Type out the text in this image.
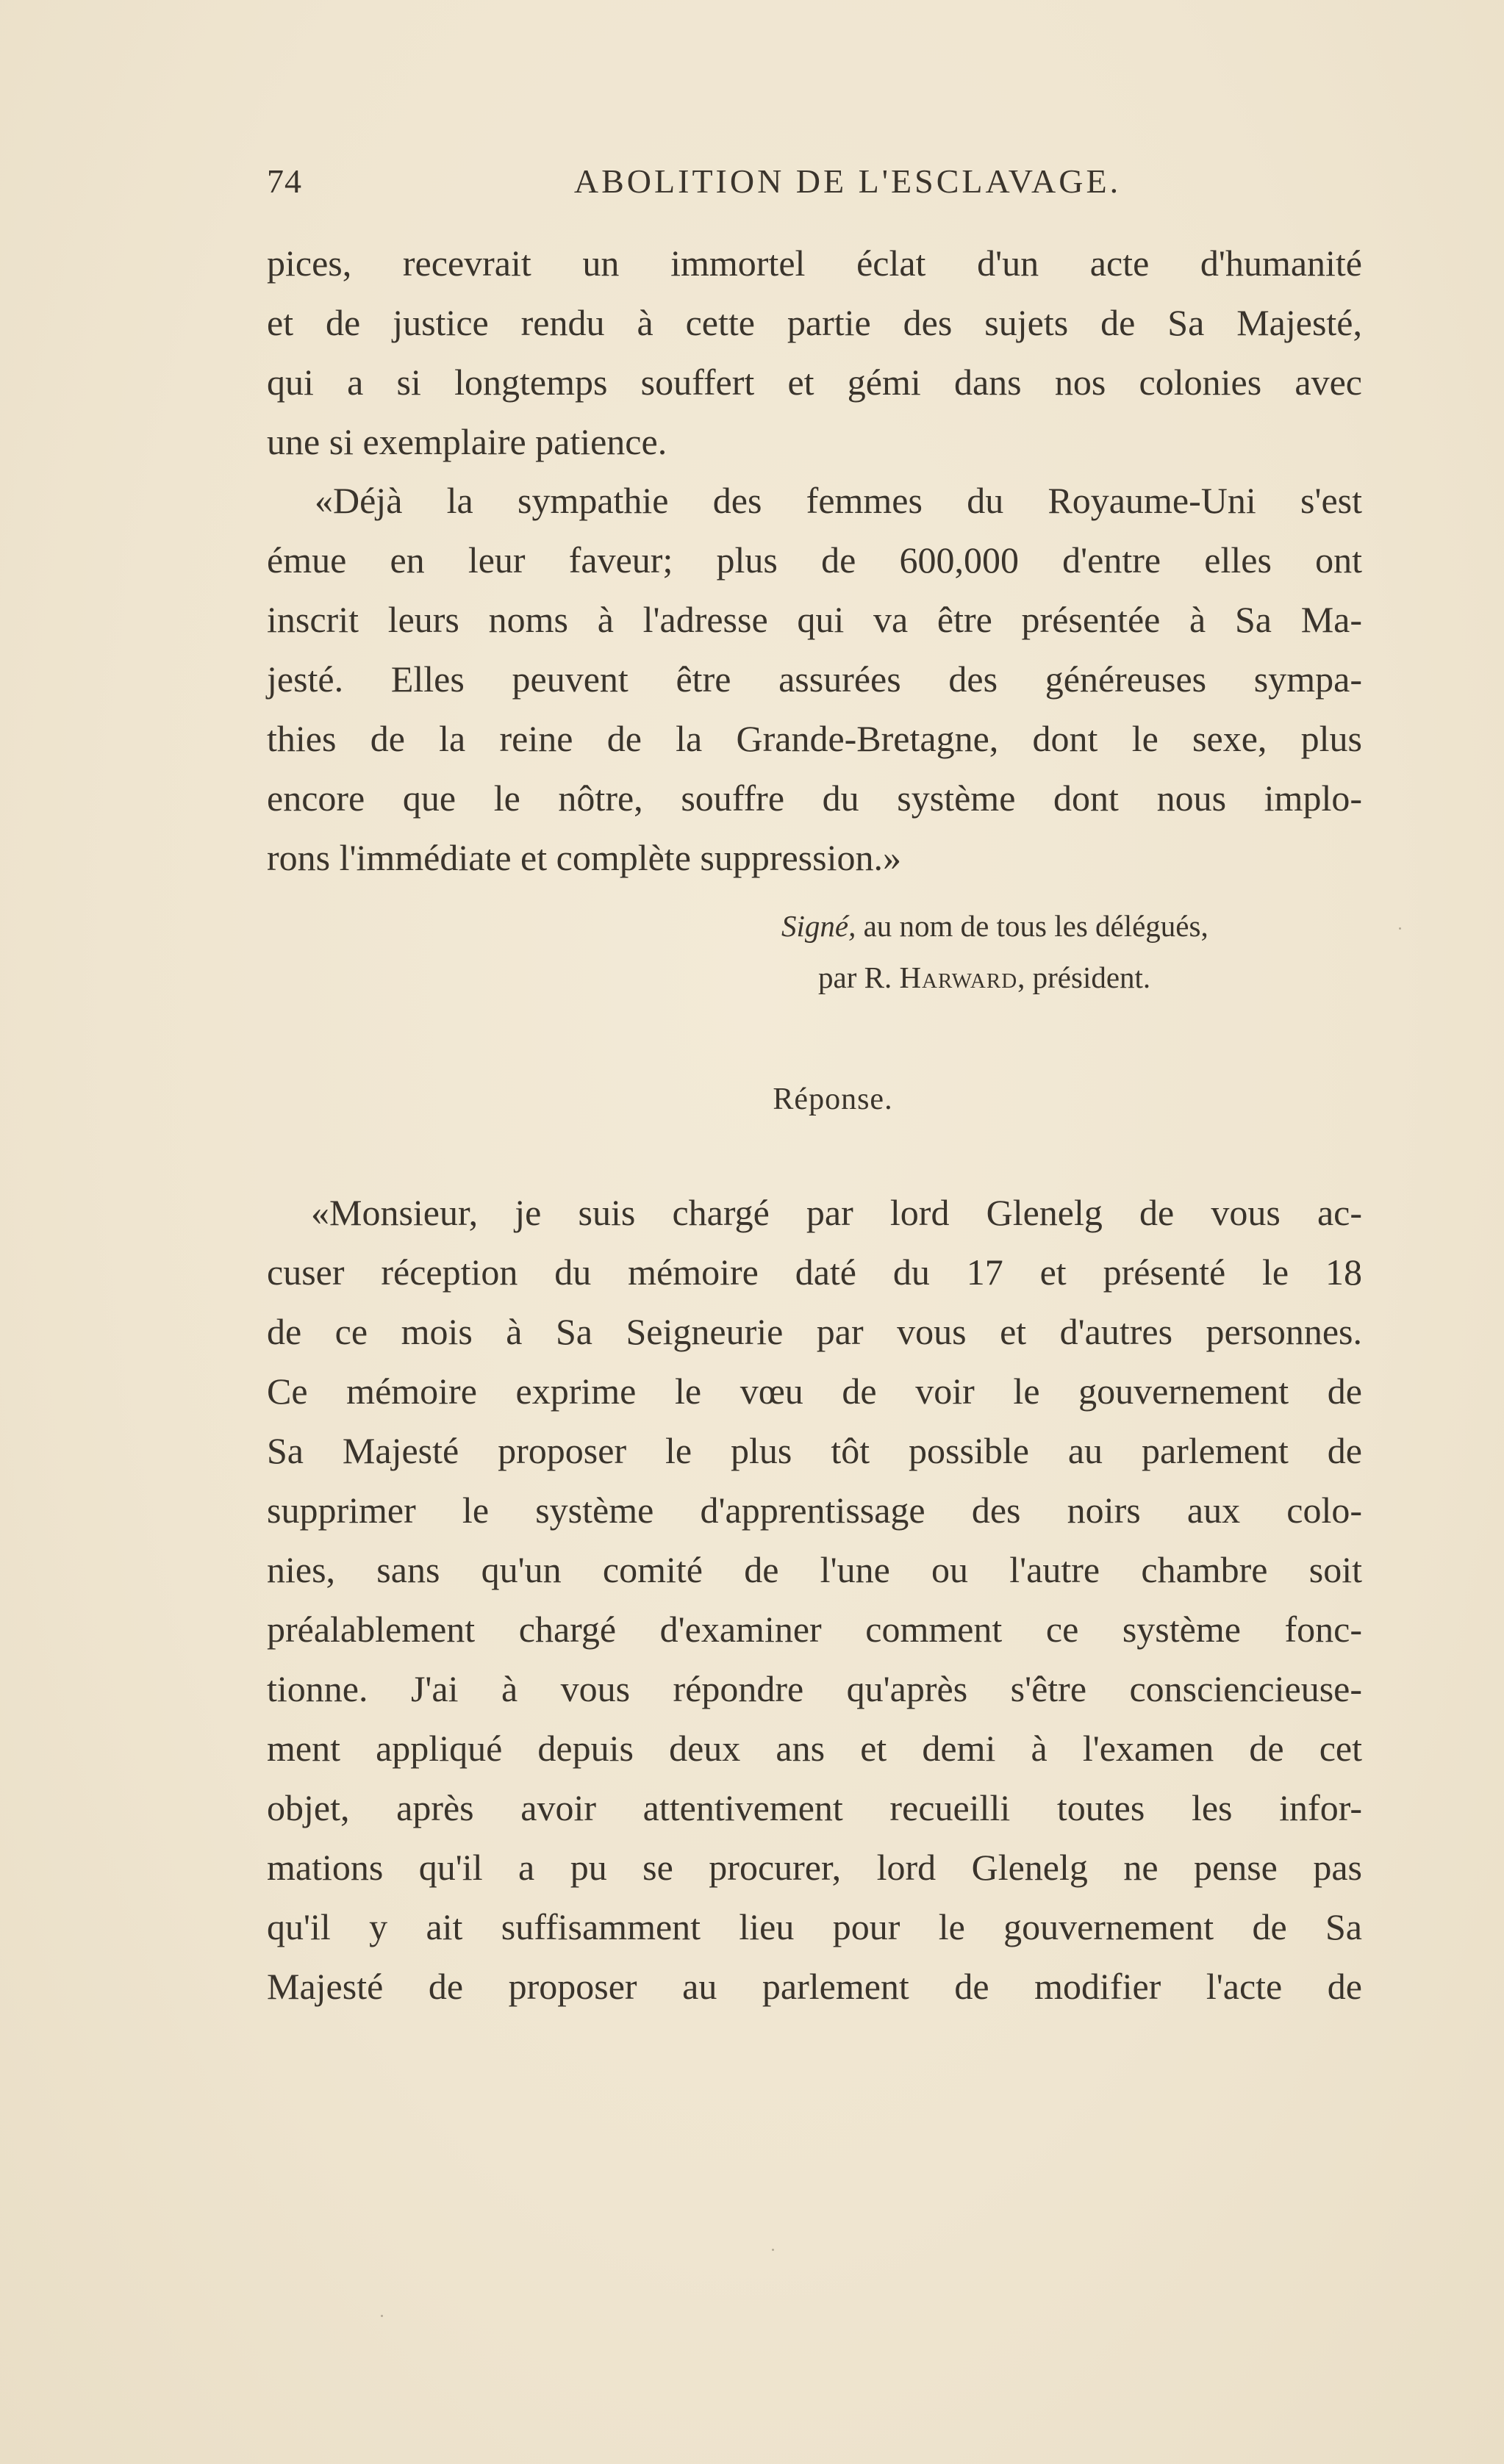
74	ABOLITION DE L'ESCLAVAGE.
pices, recevrait un immortel éclat d'un acte d'humanité
et de justice rendu à cette partie des sujets de Sa Majesté,
qui a si longtemps souffert et gémi dans nos colonies avec
une si exemplaire patience.
«Déjà la sympathie des femmes du Royaume-Uni s'est
émue en leur faveur; plus de 600,000 d'entre elles ont
inscrit leurs noms à l'adresse qui va être présentée à Sa Ma-
jesté. Elles peuvent être assurées des généreuses sympa-
thies de la reine de la Grande-Bretagne, dont le sexe, plus
encore que le nôtre, souffre du système dont nous implo-
rons l'immédiate et complète suppression.»
Signé, au nom de tous les délégués,
par R. Harward, président.
Réponse.
«Monsieur, je suis chargé par lord Glenelg de vous ac-
cuser réception du mémoire daté du 17 et présenté le 18
de ce mois à Sa Seigneurie par vous et d'autres personnes.
Ce mémoire exprime le vœu de voir le gouvernement de
Sa Majesté proposer le plus tôt possible au parlement de
supprimer le système d'apprentissage des noirs aux colo-
nies, sans qu'un comité de l'une ou l'autre chambre soit
préalablement chargé d'examiner comment ce système fonc-
tionne. J'ai à vous répondre qu'après s'être consciencieuse-
ment appliqué depuis deux ans et demi à l'examen de cet
objet, après avoir attentivement recueilli toutes les infor-
mations qu'il a pu se procurer, lord Glenelg ne pense pas
qu'il y ait suffisamment lieu pour le gouvernement de Sa
Majesté de proposer au parlement de modifier l'acte de
